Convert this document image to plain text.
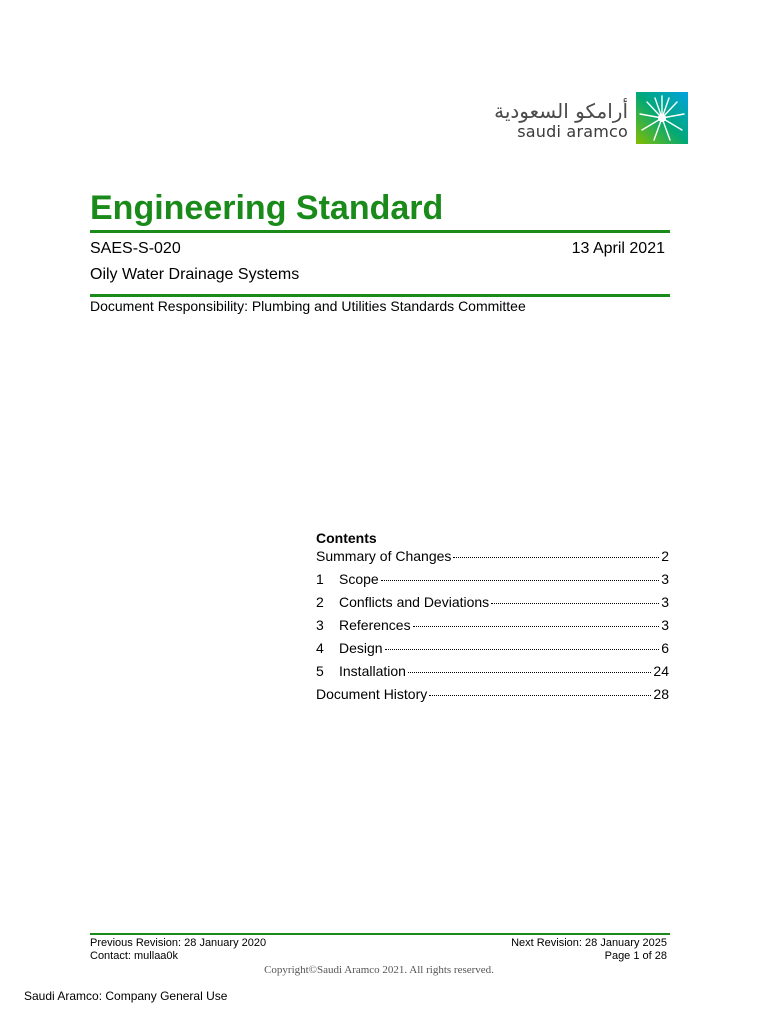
أرامكو السعودية
saudi aramco
Engineering Standard
SAES-S-020	13 April 2021
Oily Water Drainage Systems
Document Responsibility: Plumbing and Utilities Standards Committee
Contents
Summary of Changes	2
1	Scope	3
2	Conflicts and Deviations	3
3	References	3
4	Design	6
5	Installation	24
Document History	28
Previous Revision: 28 January 2020	Next Revision: 28 January 2025
Contact: mullaa0k	Page 1 of 28
Copyright©Saudi Aramco 2021. All rights reserved.
Saudi Aramco: Company General Use
